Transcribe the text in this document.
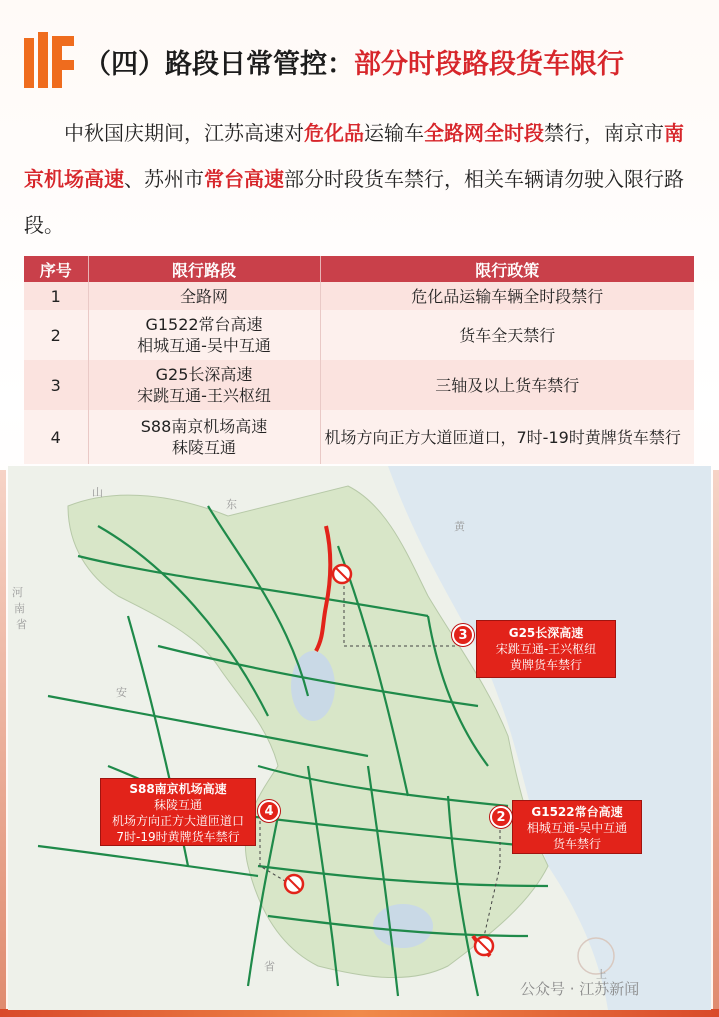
（四）路段日常管控：部分时段路段货车限行
中秋国庆期间，江苏高速对危化品运输车全路网全时段禁行，南京市南京机场高速、苏州市常台高速部分时段货车禁行，相关车辆请勿驶入限行路段。
序号	限行路段	限行政策
1	全路网	危化品运输车辆全时段禁行
2	G1522常台高速
相城互通-吴中互通	货车全天禁行
3	G25长深高速
宋跳互通-王兴枢纽	三轴及以上货车禁行
4	S88南京机场高速
秣陵互通	机场方向正方大道匝道口，7时-19时黄牌货车禁行
山
东
河
南
省
安
黄
省
上
3	G25长深高速
宋跳互通-王兴枢纽
黄牌货车禁行
S88南京机场高速
秣陵互通
机场方向正方大道匝道口
7时-19时黄牌货车禁行
4	2	G1522常台高速
相城互通-吴中互通
货车禁行
公众号 · 江苏新闻
